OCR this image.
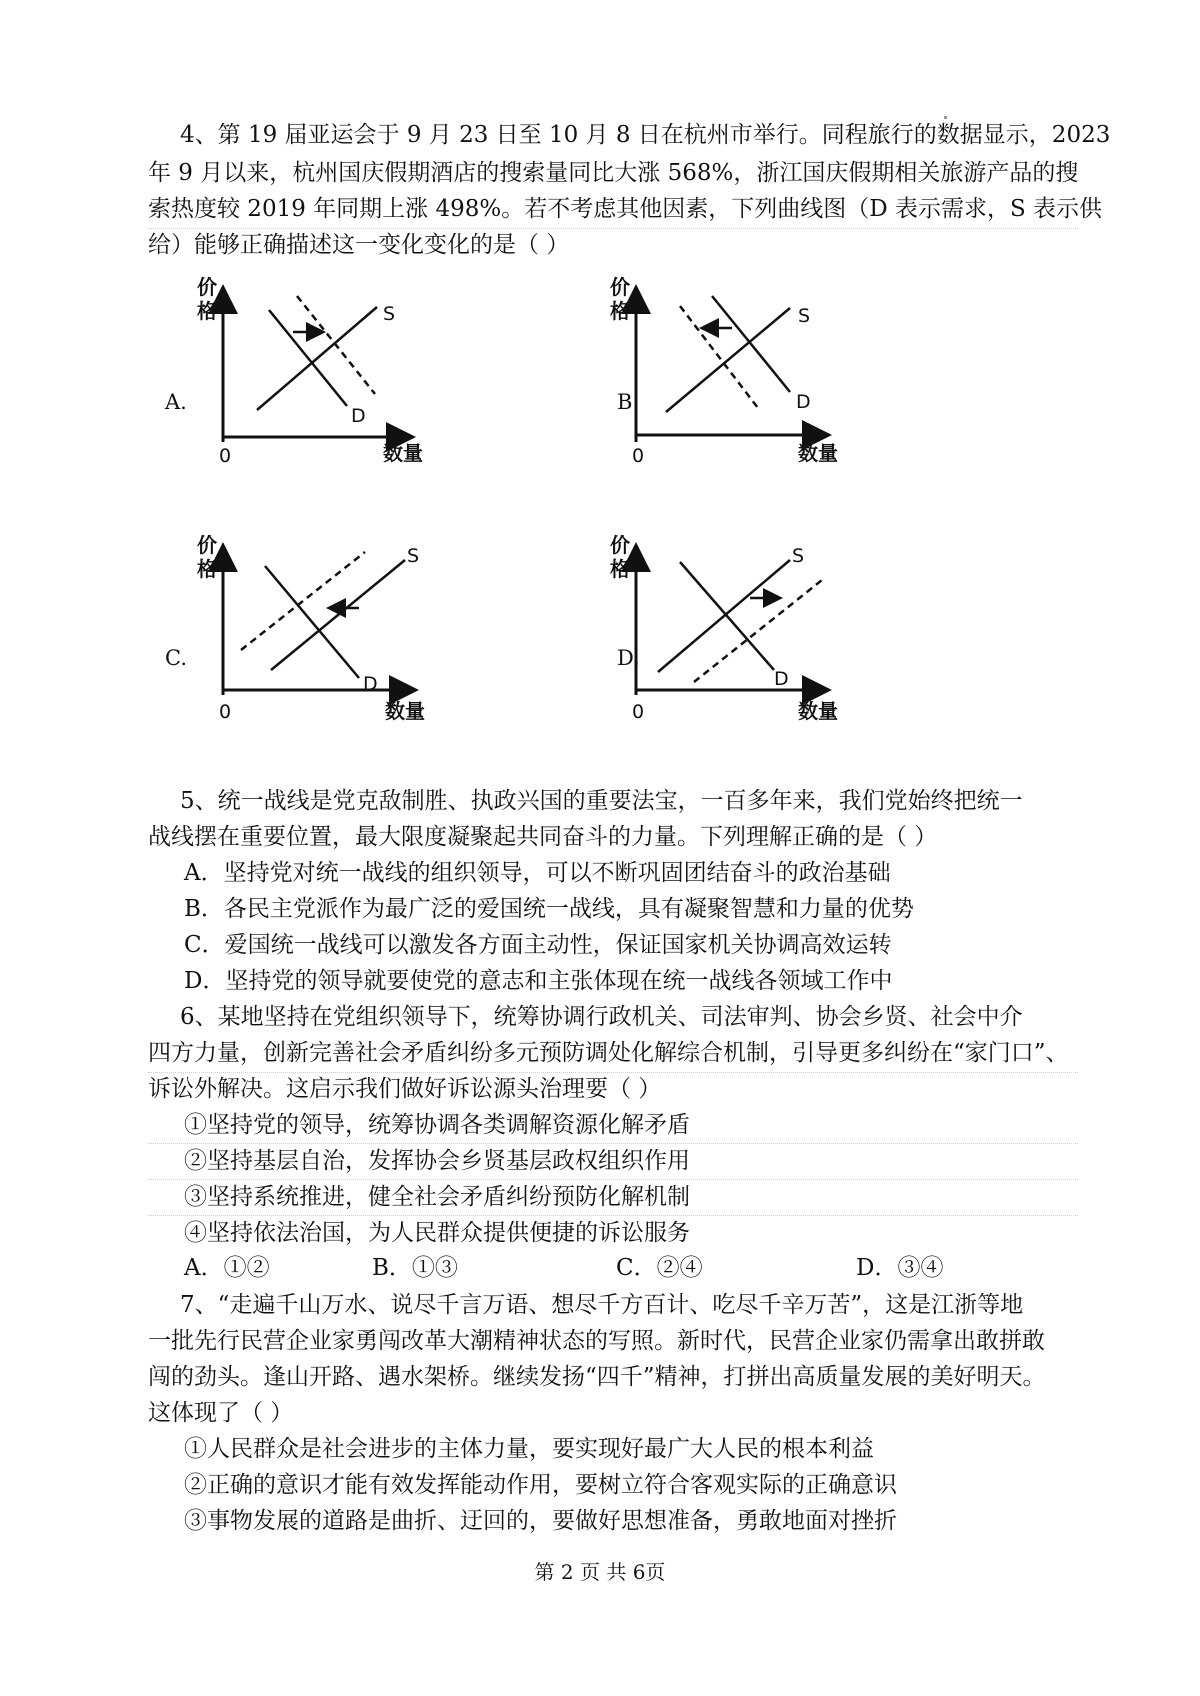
4、第 19 届亚运会于 9 月 23 日至 10 月 8 日在杭州市举行。同程旅行的数据显示，2023
年 9 月以来，杭州国庆假期酒店的搜索量同比大涨 568%，浙江国庆假期相关旅游产品的搜
索热度较 2019 年同期上涨 498%。若不考虑其他因素，下列曲线图（D 表示需求，S 表示供
给）能够正确描述这一变化变化的是（ ）
A.
价
格
0	数量
S
D
B.
价
格
0	数量
S
D
C.
价
格
0	数量
S
D
D.
价
格
0	数量
S
D
5、统一战线是党克敌制胜、执政兴国的重要法宝，一百多年来，我们党始终把统一
战线摆在重要位置，最大限度凝聚起共同奋斗的力量。下列理解正确的是（ ）
A．坚持党对统一战线的组织领导，可以不断巩固团结奋斗的政治基础
B．各民主党派作为最广泛的爱国统一战线，具有凝聚智慧和力量的优势
C．爱国统一战线可以激发各方面主动性，保证国家机关协调高效运转
D．坚持党的领导就要使党的意志和主张体现在统一战线各领域工作中
6、某地坚持在党组织领导下，统筹协调行政机关、司法审判、协会乡贤、社会中介
四方力量，创新完善社会矛盾纠纷多元预防调处化解综合机制，引导更多纠纷在“家门口”、
诉讼外解决。这启示我们做好诉讼源头治理要（ ）
①坚持党的领导，统筹协调各类调解资源化解矛盾
②坚持基层自治，发挥协会乡贤基层政权组织作用
③坚持系统推进，健全社会矛盾纠纷预防化解机制
④坚持依法治国，为人民群众提供便捷的诉讼服务
A．①②	B．①③	C．②④	D．③④
7、“走遍千山万水、说尽千言万语、想尽千方百计、吃尽千辛万苦”，这是江浙等地
一批先行民营企业家勇闯改革大潮精神状态的写照。新时代，民营企业家仍需拿出敢拼敢
闯的劲头。逢山开路、遇水架桥。继续发扬“四千”精神，打拼出高质量发展的美好明天。
这体现了（ ）
①人民群众是社会进步的主体力量，要实现好最广大人民的根本利益
②正确的意识才能有效发挥能动作用，要树立符合客观实际的正确意识
③事物发展的道路是曲折、迂回的，要做好思想准备，勇敢地面对挫折
第 2 页 共 6页
